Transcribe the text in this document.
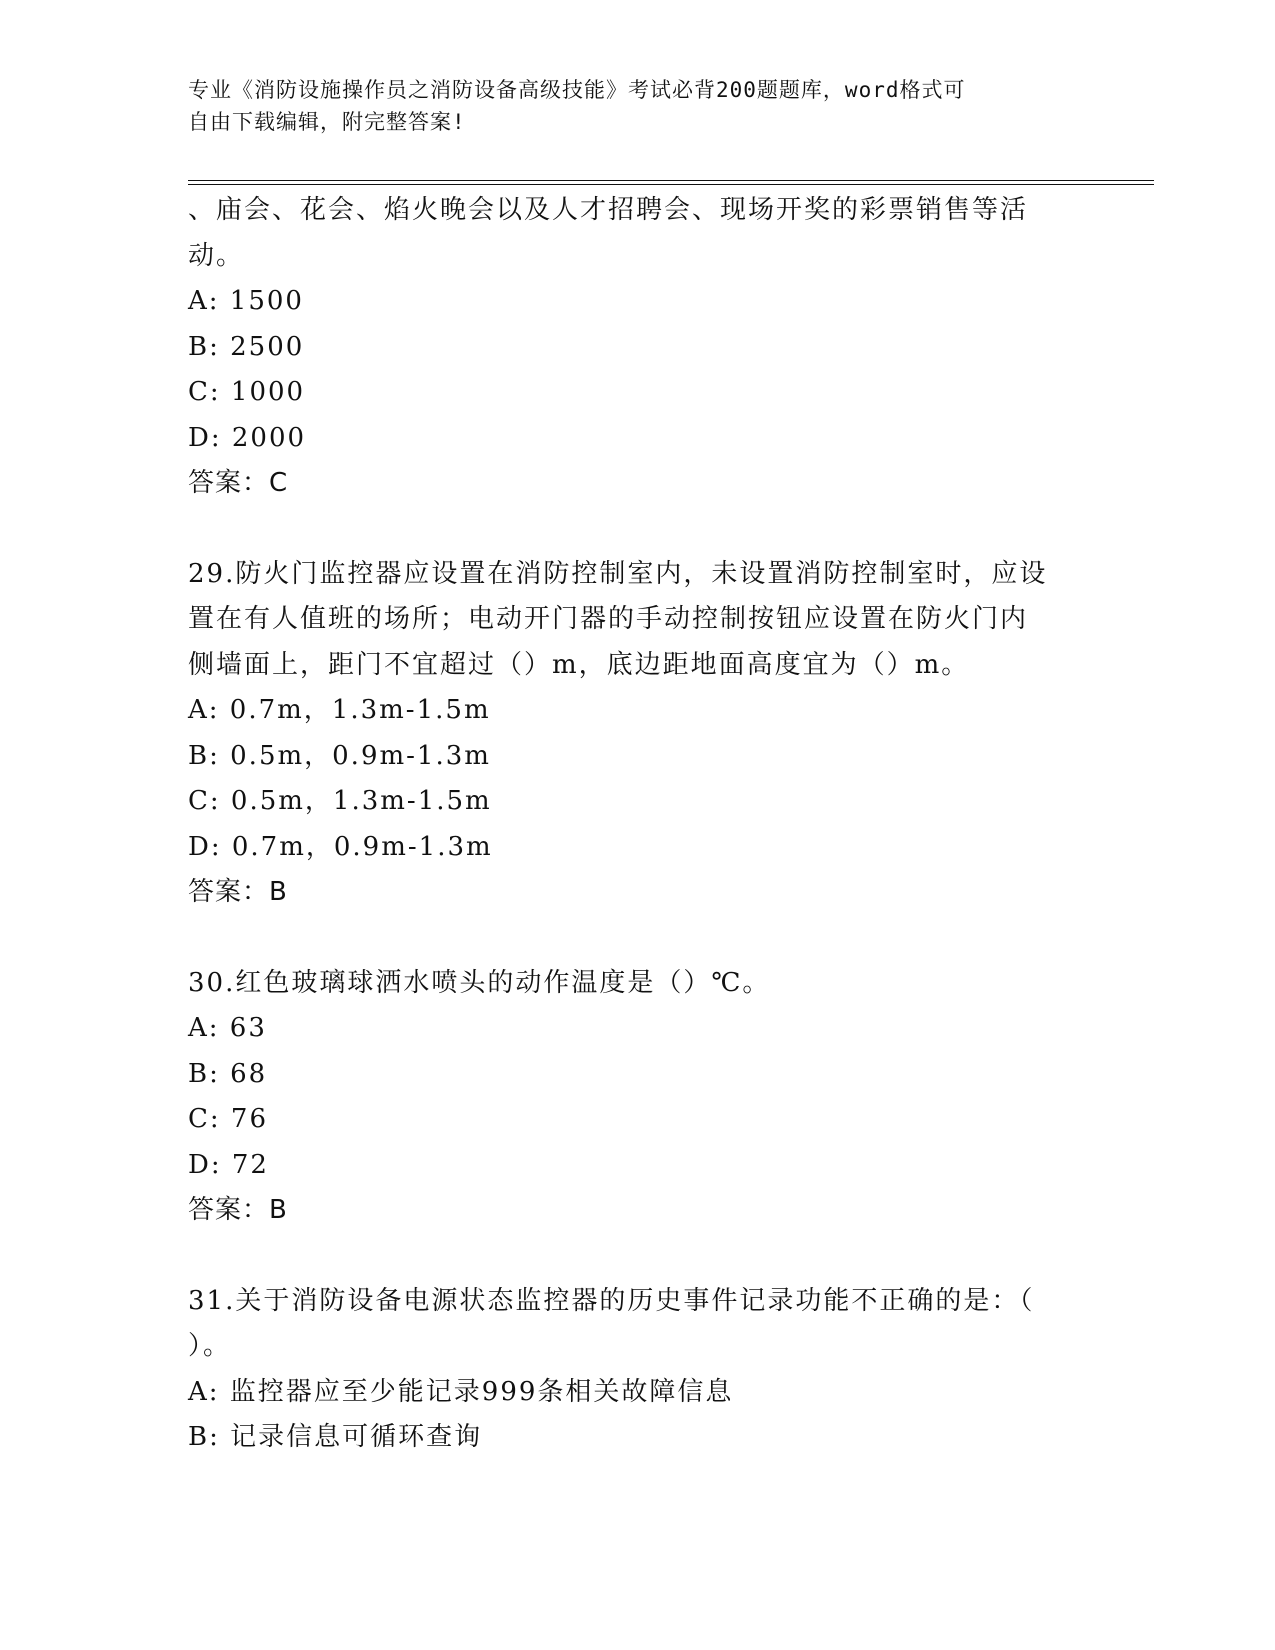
专业《消防设施操作员之消防设备高级技能》考试必背200题题库，word格式可
自由下载编辑，附完整答案!

、庙会、花会、焰火晚会以及人才招聘会、现场开奖的彩票销售等活

动。

A: 1500

B: 2500

C: 1000

D: 2000

答案：C

29.防火门监控器应设置在消防控制室内，未设置消防控制室时，应设

置在有人值班的场所；电动开门器的手动控制按钮应设置在防火门内

侧墙面上，距门不宜超过（）m，底边距地面高度宜为（）m。

A: 0.7m，1.3m-1.5m

B: 0.5m，0.9m-1.3m

C: 0.5m，1.3m-1.5m

D: 0.7m，0.9m-1.3m

答案：B

30.红色玻璃球洒水喷头的动作温度是（）℃。

A: 63

B: 68

C: 76

D: 72

答案：B

31.关于消防设备电源状态监控器的历史事件记录功能不正确的是：（

）。

A: 监控器应至少能记录999条相关故障信息

B: 记录信息可循环查询
